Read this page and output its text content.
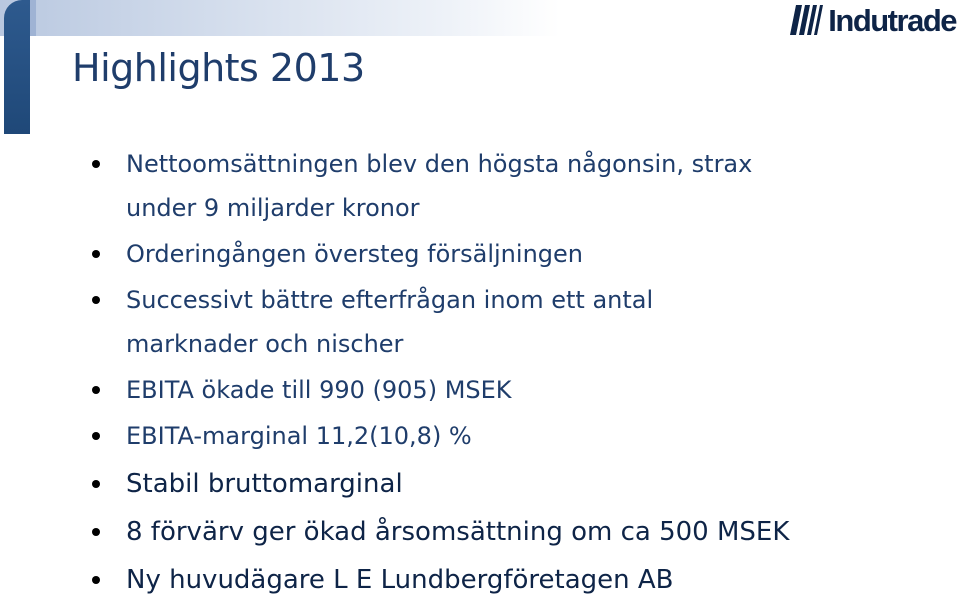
Indutrade
Highlights 2013
Nettoomsättningen blev den högsta någonsin, strax
under 9 miljarder kronor
Orderingången översteg försäljningen
Successivt bättre efterfrågan inom ett antal
marknader och nischer
EBITA ökade till 990 (905) MSEK
EBITA-marginal 11,2(10,8) %
Stabil bruttomarginal
8 förvärv ger ökad årsomsättning om ca 500 MSEK
Ny huvudägare L E Lundbergföretagen AB
